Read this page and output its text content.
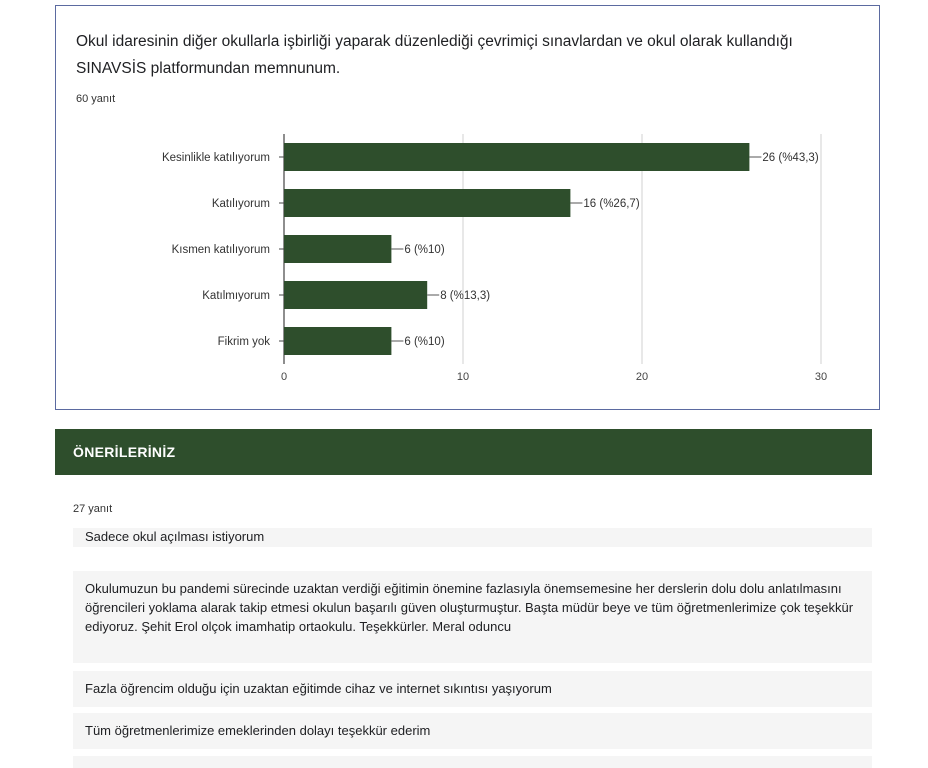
Okul idaresinin diğer okullarla işbirliği yaparak düzenlediği çevrimiçi sınavlardan ve okul olarak kullandığı SINAVSİS platformundan memnunum.
60 yanıt
0	10	20	30
Kesinlikle katılıyorum	26 (%43,3)
Katılıyorum	16 (%26,7)
Kısmen katılıyorum	6 (%10)
Katılmıyorum	8 (%13,3)
Fikrim yok	6 (%10)
ÖNERİLERİNİZ
27 yanıt
Sadece okul açılması istiyorum
Okulumuzun bu pandemi sürecinde uzaktan verdiği eğitimin önemine fazlasıyla önemsemesine her derslerin dolu dolu anlatılmasını öğrencileri yoklama alarak takip etmesi okulun başarılı güven oluşturmuştur. Başta müdür beye ve tüm öğretmenlerimize çok teşekkür ediyoruz. Şehit Erol olçok imamhatip ortaokulu. Teşekkürler. Meral oduncu
Fazla öğrencim olduğu için uzaktan eğitimde cihaz ve internet sıkıntısı yaşıyorum
Tüm öğretmenlerimize emeklerinden dolayı teşekkür ederim
